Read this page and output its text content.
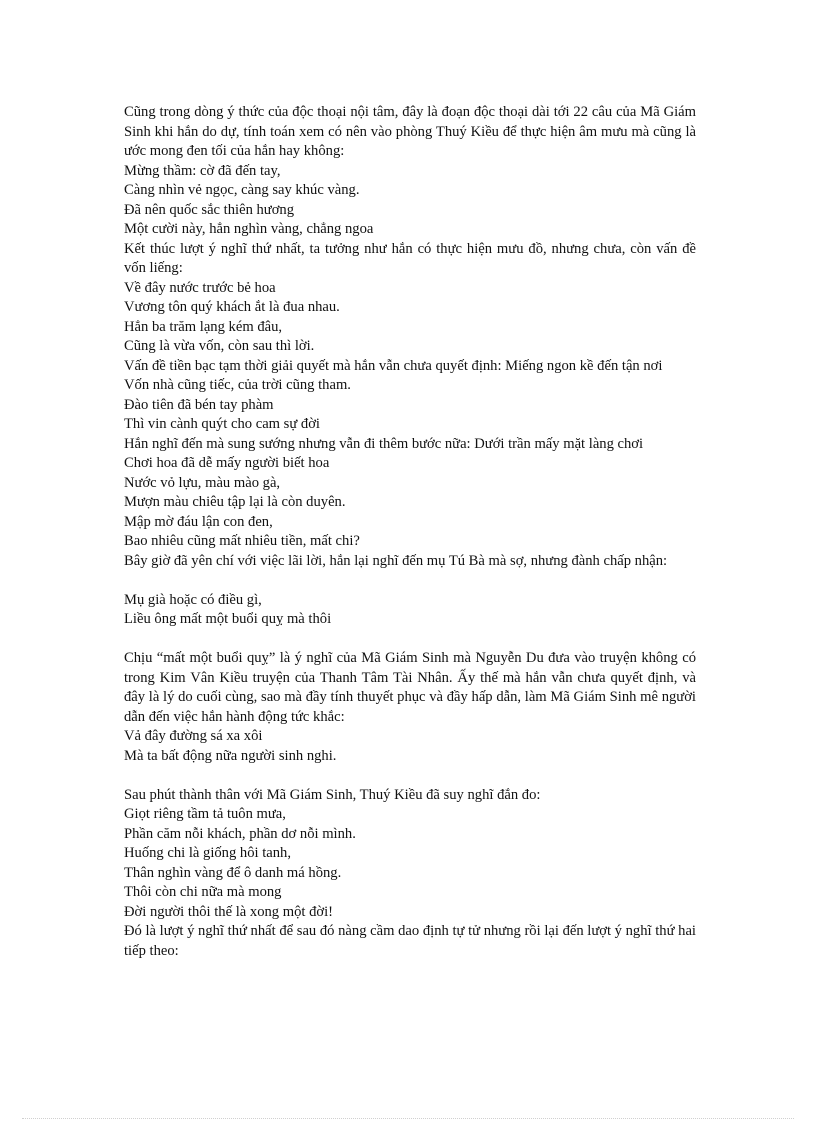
Cũng trong dòng ý thức của độc thoại nội tâm, đây là đoạn độc thoại dài tới 22 câu của Mã Giám Sinh khi hắn do dự, tính toán xem có nên vào phòng Thuý Kiều để thực hiện âm mưu mà cũng là ước mong đen tối của hắn hay không:

Mừng thầm: cờ đã đến tay,

Càng nhìn vẻ ngọc, càng say khúc vàng.

Đã nên quốc sắc thiên hương

Một cười này, hẳn nghìn vàng, chẳng ngoa

Kết thúc lượt ý nghĩ thứ nhất, ta tưởng như hắn có thực hiện mưu đồ, nhưng chưa, còn vấn đề vốn liếng:

Về đây nước trước bẻ hoa

Vương tôn quý khách ắt là đua nhau.

Hẳn ba trăm lạng kém đâu,

Cũng là vừa vốn, còn sau thì lời.

Vấn đề tiền bạc tạm thời giải quyết mà hắn vẫn chưa quyết định: Miếng ngon kề đến tận nơi

Vốn nhà cũng tiếc, của trời cũng tham.

Đào tiên đã bén tay phàm

Thì vin cành quýt cho cam sự đời

Hắn nghĩ đến mà sung sướng nhưng vẫn đi thêm bước nữa: Dưới trần mấy mặt làng chơi

Chơi hoa đã dễ mấy người biết hoa

Nước vỏ lựu, màu mào gà,

Mượn màu chiêu tập lại là còn duyên.

Mập mờ đáu lận con đen,

Bao nhiêu cũng mất nhiêu tiền, mất chi?

Bây giờ đã yên chí với việc lãi lời, hắn lại nghĩ đến mụ Tú Bà mà sợ, nhưng đành chấp nhận:

Mụ già hoặc có điều gì,

Liều ông mất một buổi quỵ mà thôi

Chịu “mất một buổi quỵ” là ý nghĩ của Mã Giám Sinh mà Nguyễn Du đưa vào truyện không có trong Kim Vân Kiều truyện của Thanh Tâm Tài Nhân. Ấy thế mà hắn vẫn chưa quyết định, và đây là lý do cuối cùng, sao mà đầy tính thuyết phục và đầy hấp dẫn, làm Mã Giám Sinh mê người dẫn đến việc hắn hành động tức khắc:

Vả đây đường sá xa xôi

Mà ta bất động nữa người sinh nghi.

Sau phút thành thân với Mã Giám Sinh, Thuý Kiều đã suy nghĩ đắn đo:

Giọt riêng tầm tả tuôn mưa,

Phần căm nỗi khách, phần dơ nỗi mình.

Huống chi là giống hôi tanh,

Thân nghìn vàng để ô danh má hồng.

Thôi còn chi nữa mà mong

Đời người thôi thế là xong một đời!

Đó là lượt ý nghĩ thứ nhất để sau đó nàng cầm dao định tự tử nhưng rồi lại đến lượt ý nghĩ thứ hai tiếp theo:
